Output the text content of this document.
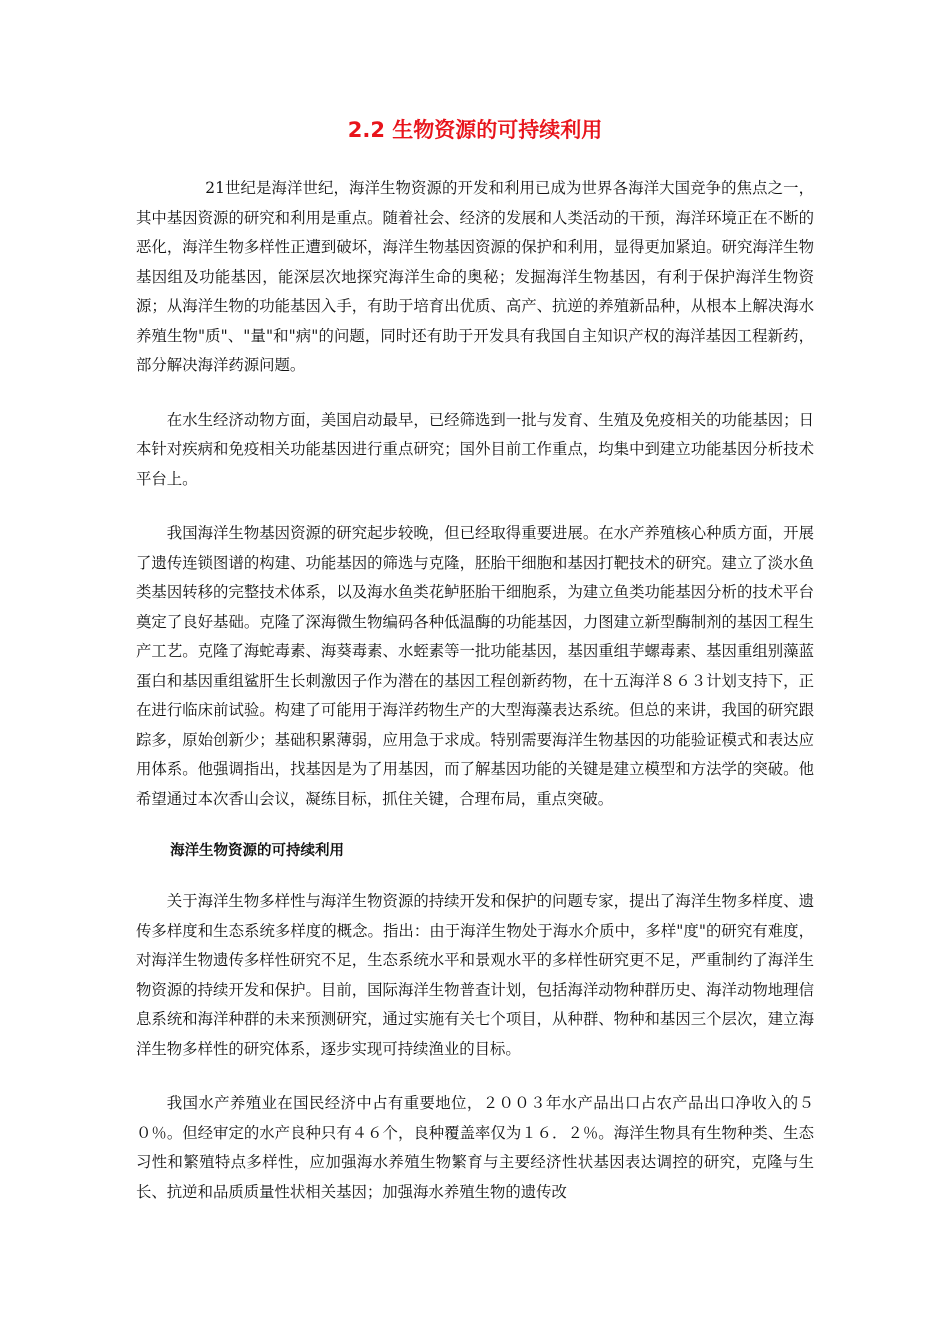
2.2 生物资源的可持续利用

21世纪是海洋世纪，海洋生物资源的开发和利用已成为世界各海洋大国竞争的焦点之一，其中基因资源的研究和利用是重点。随着社会、经济的发展和人类活动的干预，海洋环境正在不断的恶化，海洋生物多样性正遭到破坏，海洋生物基因资源的保护和利用，显得更加紧迫。研究海洋生物基因组及功能基因，能深层次地探究海洋生命的奥秘；发掘海洋生物基因，有利于保护海洋生物资源；从海洋生物的功能基因入手，有助于培育出优质、高产、抗逆的养殖新品种，从根本上解决海水养殖生物"质"、"量"和"病"的问题，同时还有助于开发具有我国自主知识产权的海洋基因工程新药，部分解决海洋药源问题。

在水生经济动物方面，美国启动最早，已经筛选到一批与发育、生殖及免疫相关的功能基因；日本针对疾病和免疫相关功能基因进行重点研究；国外目前工作重点，均集中到建立功能基因分析技术平台上。

我国海洋生物基因资源的研究起步较晚，但已经取得重要进展。在水产养殖核心种质方面，开展了遗传连锁图谱的构建、功能基因的筛选与克隆，胚胎干细胞和基因打靶技术的研究。建立了淡水鱼类基因转移的完整技术体系，以及海水鱼类花鲈胚胎干细胞系，为建立鱼类功能基因分析的技术平台奠定了良好基础。克隆了深海微生物编码各种低温酶的功能基因，力图建立新型酶制剂的基因工程生产工艺。克隆了海蛇毒素、海葵毒素、水蛭素等一批功能基因，基因重组芋螺毒素、基因重组别藻蓝蛋白和基因重组鲨肝生长刺激因子作为潜在的基因工程创新药物，在十五海洋８６３计划支持下，正在进行临床前试验。构建了可能用于海洋药物生产的大型海藻表达系统。但总的来讲，我国的研究跟踪多，原始创新少；基础积累薄弱，应用急于求成。特别需要海洋生物基因的功能验证模式和表达应用体系。他强调指出，找基因是为了用基因，而了解基因功能的关键是建立模型和方法学的突破。他希望通过本次香山会议，凝练目标，抓住关键，合理布局，重点突破。

海洋生物资源的可持续利用

关于海洋生物多样性与海洋生物资源的持续开发和保护的问题专家，提出了海洋生物多样度、遗传多样度和生态系统多样度的概念。指出：由于海洋生物处于海水介质中，多样"度"的研究有难度，对海洋生物遗传多样性研究不足，生态系统水平和景观水平的多样性研究更不足，严重制约了海洋生物资源的持续开发和保护。目前，国际海洋生物普查计划，包括海洋动物种群历史、海洋动物地理信息系统和海洋种群的未来预测研究，通过实施有关七个项目，从种群、物种和基因三个层次，建立海洋生物多样性的研究体系，逐步实现可持续渔业的目标。

我国水产养殖业在国民经济中占有重要地位，２００３年水产品出口占农产品出口净收入的５０％。但经审定的水产良种只有４６个，良种覆盖率仅为１６．２％。海洋生物具有生物种类、生态习性和繁殖特点多样性，应加强海水养殖生物繁育与主要经济性状基因表达调控的研究，克隆与生长、抗逆和品质质量性状相关基因；加强海水养殖生物的遗传改
